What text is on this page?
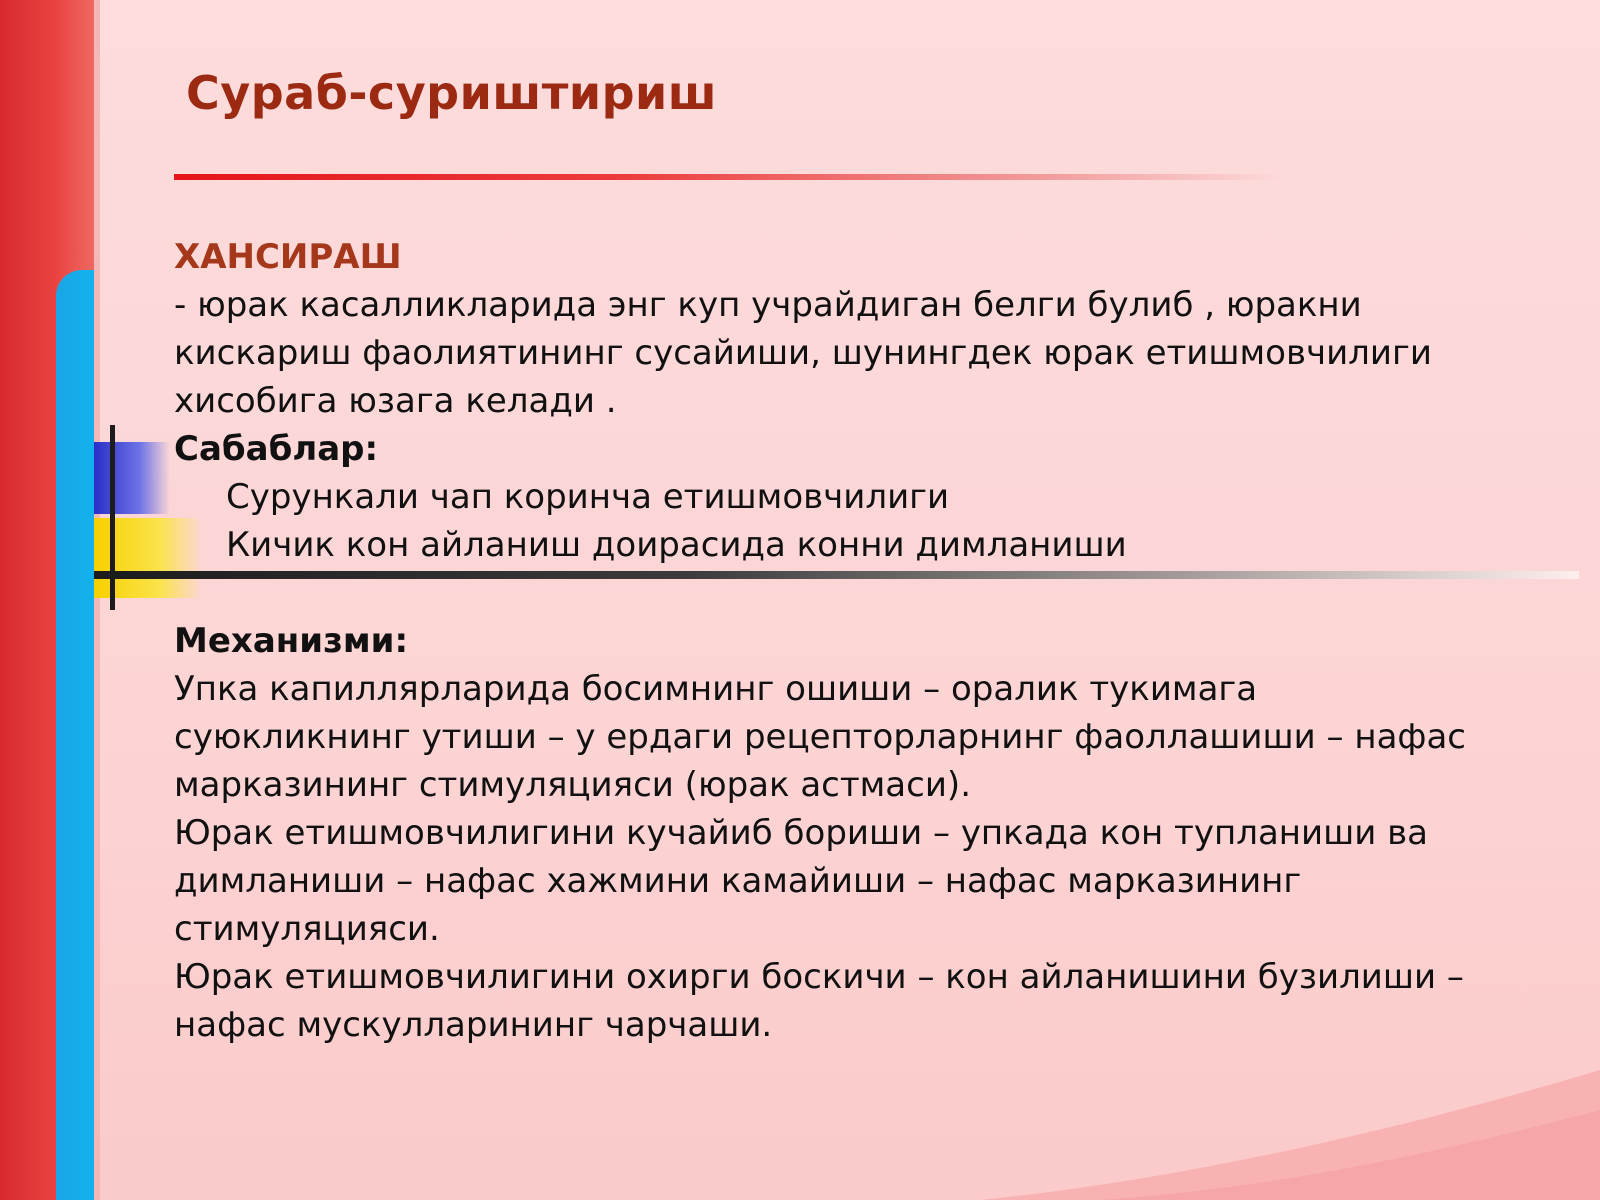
Сураб-суриштириш

ХАНСИРАШ

- юрак касалликларида энг куп учрайдиган белги булиб , юракни кискариш фаолиятининг сусайиши, шунингдек юрак етишмовчилиги хисобига юзага келади .

Сабаблар:

Сурункали чап коринча етишмовчилиги

Кичик кон айланиш доирасида конни димланиши

Механизми:

Упка капиллярларида босимнинг ошиши – оралик тукимага суюкликнинг утиши – у ердаги рецепторларнинг фаоллашиши – нафас марказининг стимуляцияси (юрак астмаси).

Юрак етишмовчилигини кучайиб бориши – упкада кон тупланиши ва димланиши – нафас хажмини камайиши – нафас марказининг стимуляцияси.

Юрак етишмовчилигини охирги боскичи – кон айланишини бузилиши – нафас мускулларининг чарчаши.
